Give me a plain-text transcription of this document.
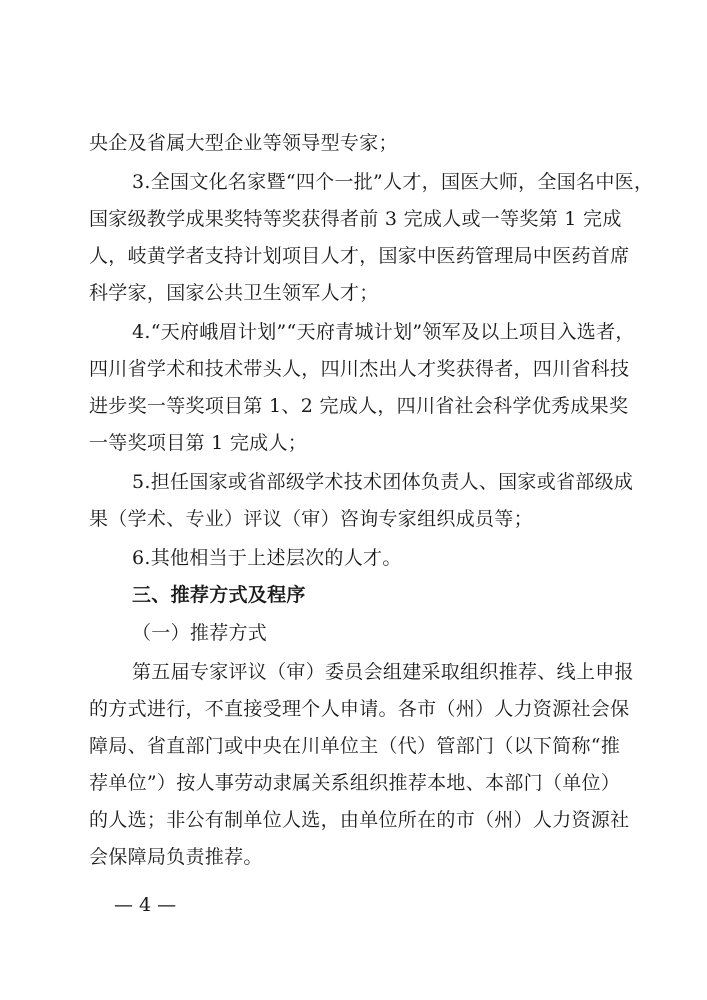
央企及省属大型企业等领导型专家；
3.全国文化名家暨“四个一批”人才，国医大师，全国名中医，
国家级教学成果奖特等奖获得者前 3 完成人或一等奖第 1 完成
人，岐黄学者支持计划项目人才，国家中医药管理局中医药首席
科学家，国家公共卫生领军人才；
4.“天府峨眉计划”“天府青城计划”领军及以上项目入选者，
四川省学术和技术带头人，四川杰出人才奖获得者，四川省科技
进步奖一等奖项目第 1、2 完成人，四川省社会科学优秀成果奖
一等奖项目第 1 完成人；
5.担任国家或省部级学术技术团体负责人、国家或省部级成
果（学术、专业）评议（审）咨询专家组织成员等；
6.其他相当于上述层次的人才。
三、推荐方式及程序
（一）推荐方式
第五届专家评议（审）委员会组建采取组织推荐、线上申报
的方式进行，不直接受理个人申请。各市（州）人力资源社会保
障局、省直部门或中央在川单位主（代）管部门（以下简称“推
荐单位”）按人事劳动隶属关系组织推荐本地、本部门（单位）
的人选；非公有制单位人选，由单位所在的市（州）人力资源社
会保障局负责推荐。
— 4 —
